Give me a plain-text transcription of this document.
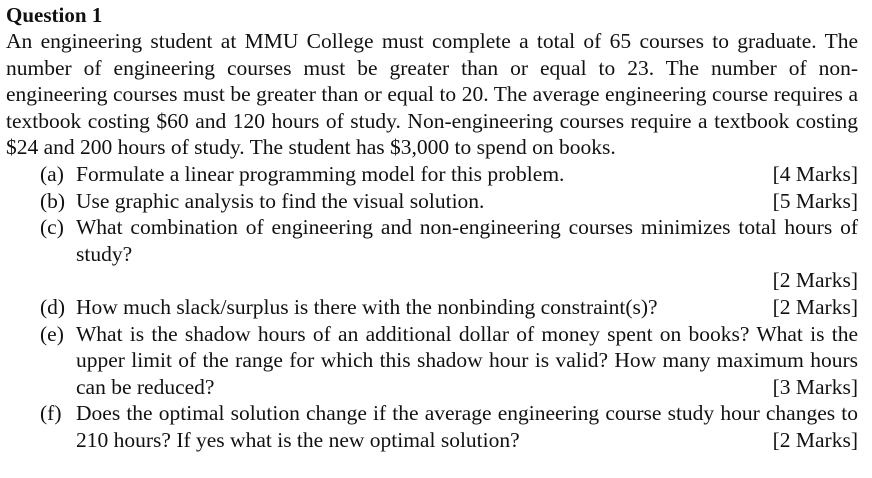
Question 1

An engineering student at MMU College must complete a total of 65 courses to graduate. The number of engineering courses must be greater than or equal to 23. The number of non-engineering courses must be greater than or equal to 20. The average engineering course requires a textbook costing $60 and 120 hours of study. Non-engineering courses require a textbook costing $24 and 200 hours of study. The student has $3,000 to spend on books.

(a)	[4 Marks]
Formulate a linear programming model for this problem.
(b)	[5 Marks]
Use graphic analysis to find the visual solution.
(c) What combination of engineering and non-engineering courses minimizes total hours of study?
[2 Marks]
(d)	[2 Marks]
How much slack/surplus is there with the nonbinding constraint(s)?
(e) What is the shadow hours of an additional dollar of money spent on books? What is the upper limit of the range for which this shadow hour is valid? How many maximum hours can be reduced?	[3 Marks]
(f) Does the optimal solution change if the average engineering course study hour changes to 210 hours? If yes what is the new optimal solution?	[2 Marks]
